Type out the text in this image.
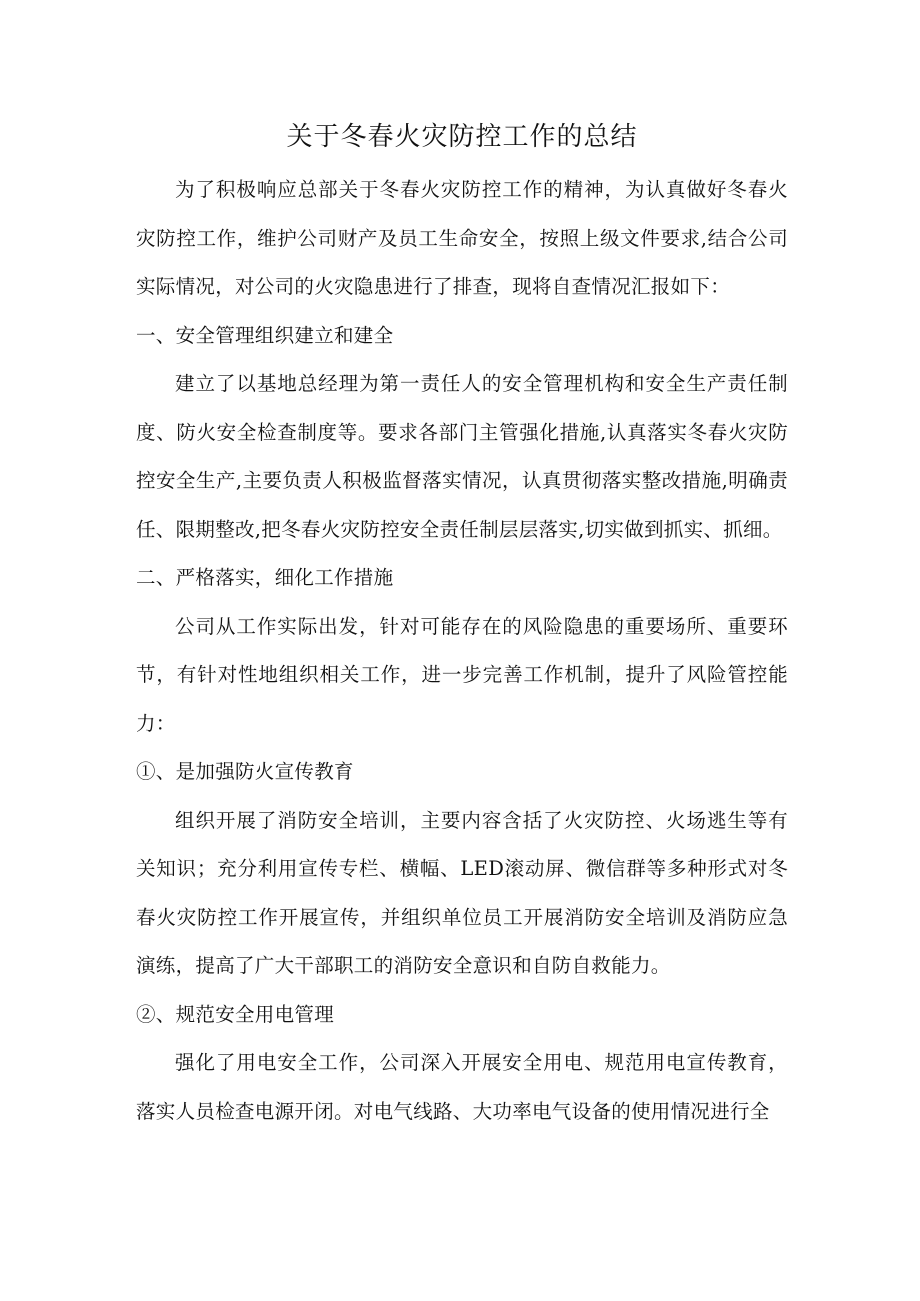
关于冬春火灾防控工作的总结

为了积极响应总部关于冬春火灾防控工作的精神，为认真做好冬春火灾防控工作，维护公司财产及员工生命安全，按照上级文件要求,结合公司实际情况，对公司的火灾隐患进行了排查，现将自查情况汇报如下：

一、安全管理组织建立和建全

建立了以基地总经理为第一责任人的安全管理机构和安全生产责任制度、防火安全检查制度等。要求各部门主管强化措施,认真落实冬春火灾防控安全生产,主要负责人积极监督落实情况，认真贯彻落实整改措施,明确责任、限期整改,把冬春火灾防控安全责任制层层落实,切实做到抓实、抓细。

二、严格落实，细化工作措施

公司从工作实际出发，针对可能存在的风险隐患的重要场所、重要环节，有针对性地组织相关工作，进一步完善工作机制，提升了风险管控能力：

①、是加强防火宣传教育

组织开展了消防安全培训，主要内容含括了火灾防控、火场逃生等有关知识；充分利用宣传专栏、横幅、LED滚动屏、微信群等多种形式对冬春火灾防控工作开展宣传，并组织单位员工开展消防安全培训及消防应急演练，提高了广大干部职工的消防安全意识和自防自救能力。

②、规范安全用电管理

强化了用电安全工作，公司深入开展安全用电、规范用电宣传教育，落实人员检查电源开闭。对电气线路、大功率电气设备的使用情况进行全
